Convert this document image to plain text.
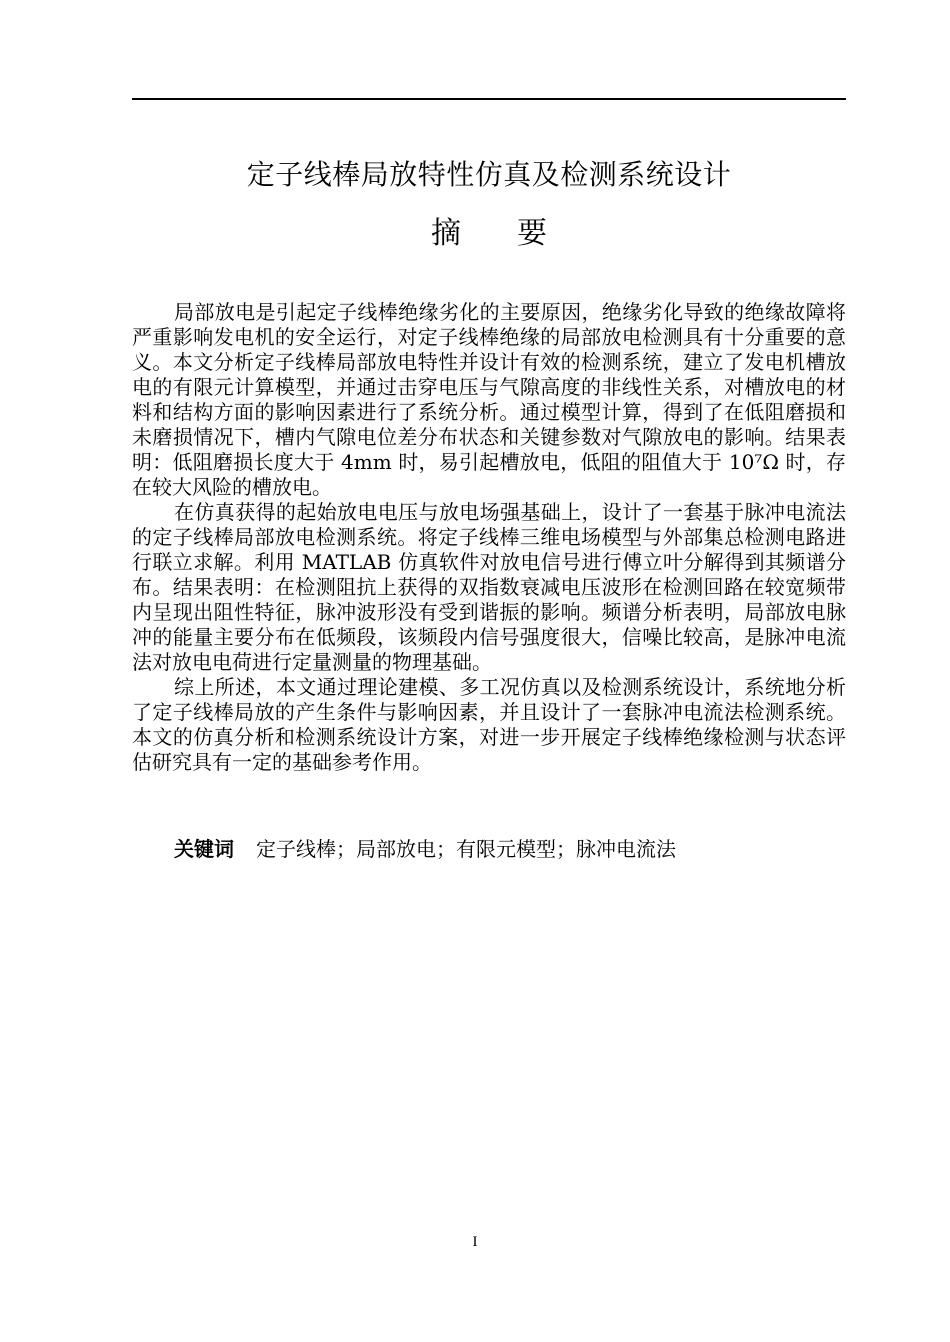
定子线棒局放特性仿真及检测系统设计
摘要

局部放电是引起定子线棒绝缘劣化的主要原因，绝缘劣化导致的绝缘故障将严重影响发电机的安全运行，对定子线棒绝缘的局部放电检测具有十分重要的意义。本文分析定子线棒局部放电特性并设计有效的检测系统，建立了发电机槽放电的有限元计算模型，并通过击穿电压与气隙高度的非线性关系，对槽放电的材料和结构方面的影响因素进行了系统分析。通过模型计算，得到了在低阻磨损和未磨损情况下，槽内气隙电位差分布状态和关键参数对气隙放电的影响。结果表明：低阻磨损长度大于 4mm 时，易引起槽放电，低阻的阻值大于 10⁷Ω 时，存在较大风险的槽放电。

在仿真获得的起始放电电压与放电场强基础上，设计了一套基于脉冲电流法的定子线棒局部放电检测系统。将定子线棒三维电场模型与外部集总检测电路进行联立求解。利用 MATLAB 仿真软件对放电信号进行傅立叶分解得到其频谱分布。结果表明：在检测阻抗上获得的双指数衰减电压波形在检测回路在较宽频带内呈现出阻性特征，脉冲波形没有受到谐振的影响。频谱分析表明，局部放电脉冲的能量主要分布在低频段，该频段内信号强度很大，信噪比较高，是脉冲电流法对放电电荷进行定量测量的物理基础。

综上所述，本文通过理论建模、多工况仿真以及检测系统设计，系统地分析了定子线棒局放的产生条件与影响因素，并且设计了一套脉冲电流法检测系统。本文的仿真分析和检测系统设计方案，对进一步开展定子线棒绝缘检测与状态评估研究具有一定的基础参考作用。

关键词 定子线棒；局部放电；有限元模型；脉冲电流法

I
